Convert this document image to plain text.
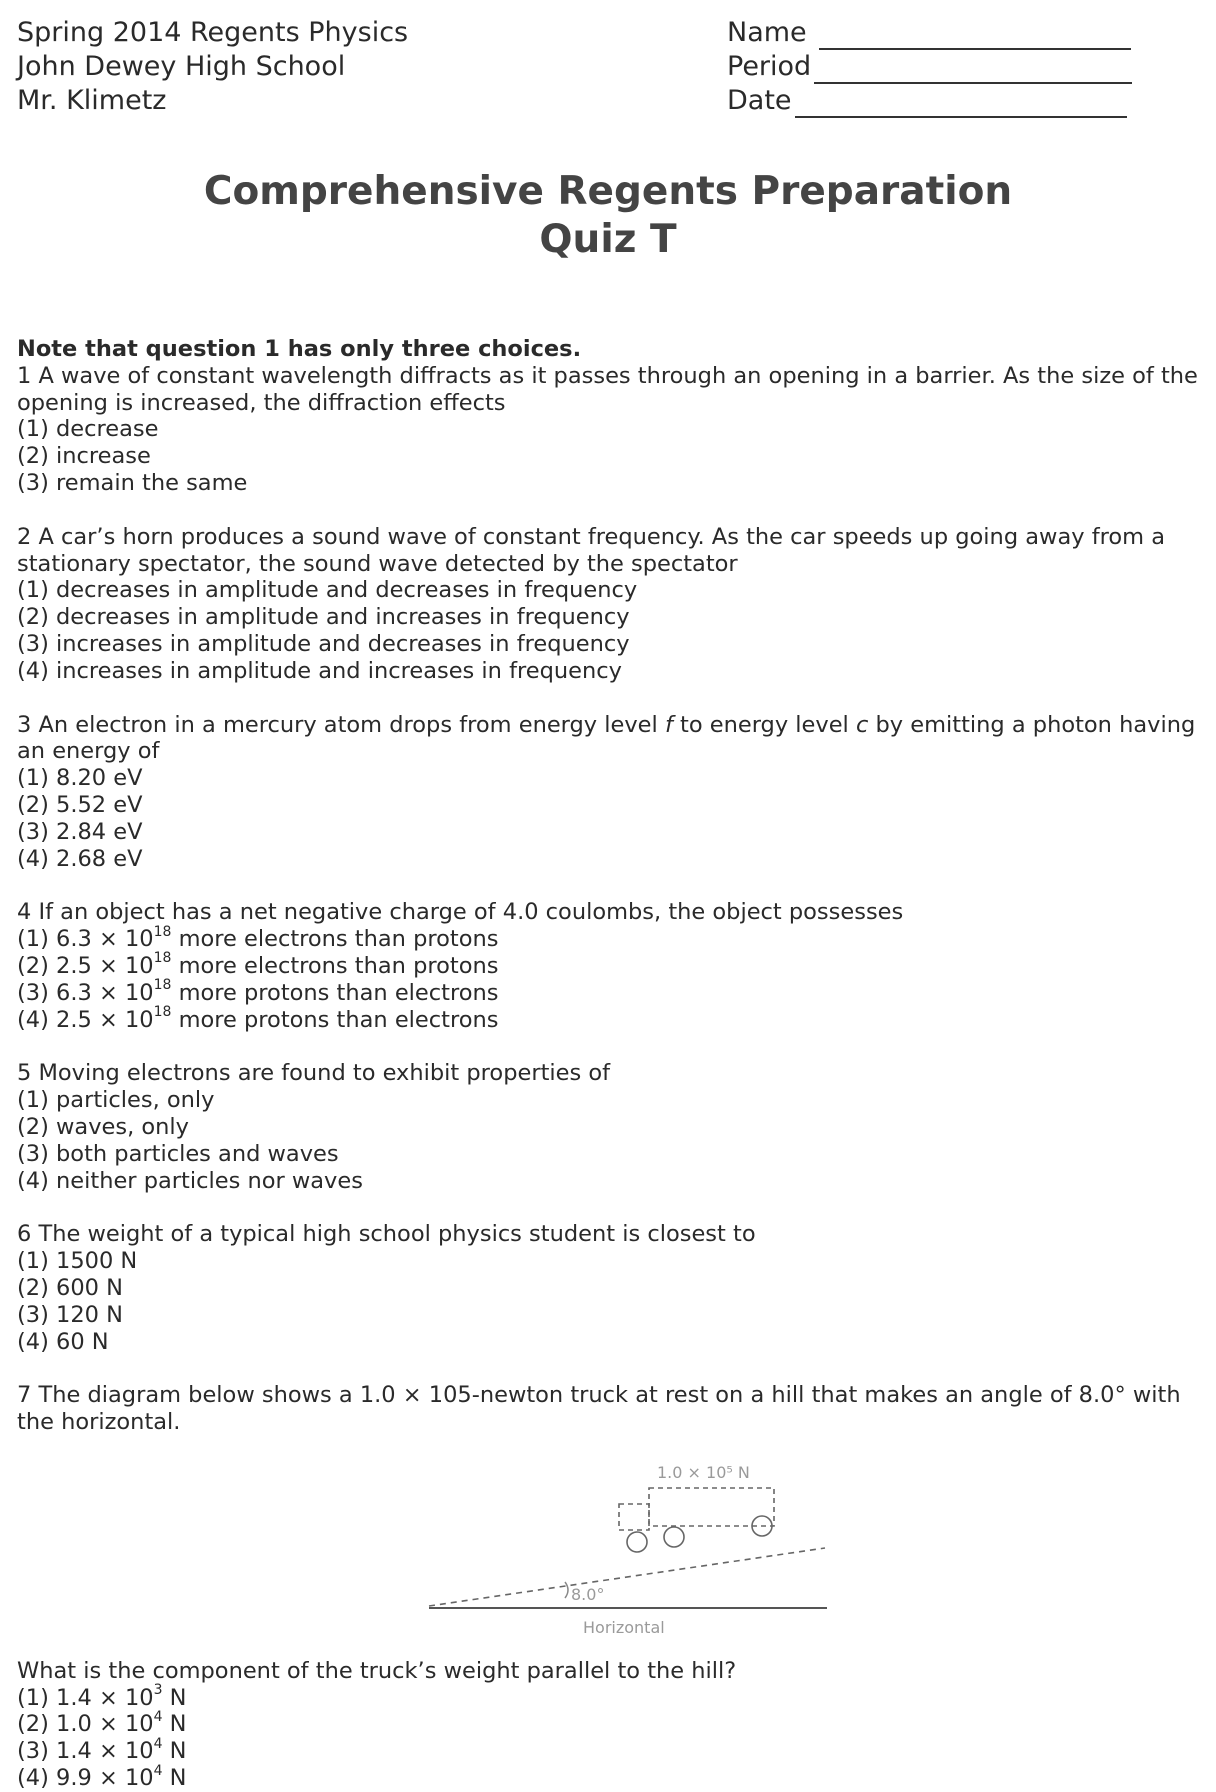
Spring 2014 Regents Physics
John Dewey High School
Mr. Klimetz
Name
Period
Date
Comprehensive Regents Preparation
Quiz T
Note that question 1 has only three choices.

1 A wave of constant wavelength diffracts as it passes through an opening in a barrier. As the size of the opening is increased, the diffraction effects

(1) decrease
(2) increase
(3) remain the same

2 A car’s horn produces a sound wave of constant frequency. As the car speeds up going away from a stationary spectator, the sound wave detected by the spectator

(1) decreases in amplitude and decreases in frequency
(2) decreases in amplitude and increases in frequency
(3) increases in amplitude and decreases in frequency
(4) increases in amplitude and increases in frequency

3 An electron in a mercury atom drops from energy level f to energy level c by emitting a photon having an energy of

(1) 8.20 eV
(2) 5.52 eV
(3) 2.84 eV
(4) 2.68 eV

4 If an object has a net negative charge of 4.0 coulombs, the object possesses

(1) $6.3 \times 10^{18}$ more electrons than protons
(2) $2.5 \times 10^{18}$ more electrons than protons
(3) $6.3 \times 10^{18}$ more protons than electrons
(4) $2.5 \times 10^{18}$ more protons than electrons

5 Moving electrons are found to exhibit properties of

(1) particles, only
(2) waves, only
(3) both particles and waves
(4) neither particles nor waves

6 The weight of a typical high school physics student is closest to

(1) 1500 N
(2) 600 N
(3) 120 N
(4) 60 N

7 The diagram below shows a 1.0 × 105-newton truck at rest on a hill that makes an angle of 8.0° with the horizontal.

8.0°
Horizontal
1.0 × 10⁵ N

What is the component of the truck’s weight parallel to the hill?

(1) $1.4 \times 10^3$ N
(2) $1.0 \times 10^4$ N
(3) $1.4 \times 10^4$ N
(4) $9.9 \times 10^4$ N
